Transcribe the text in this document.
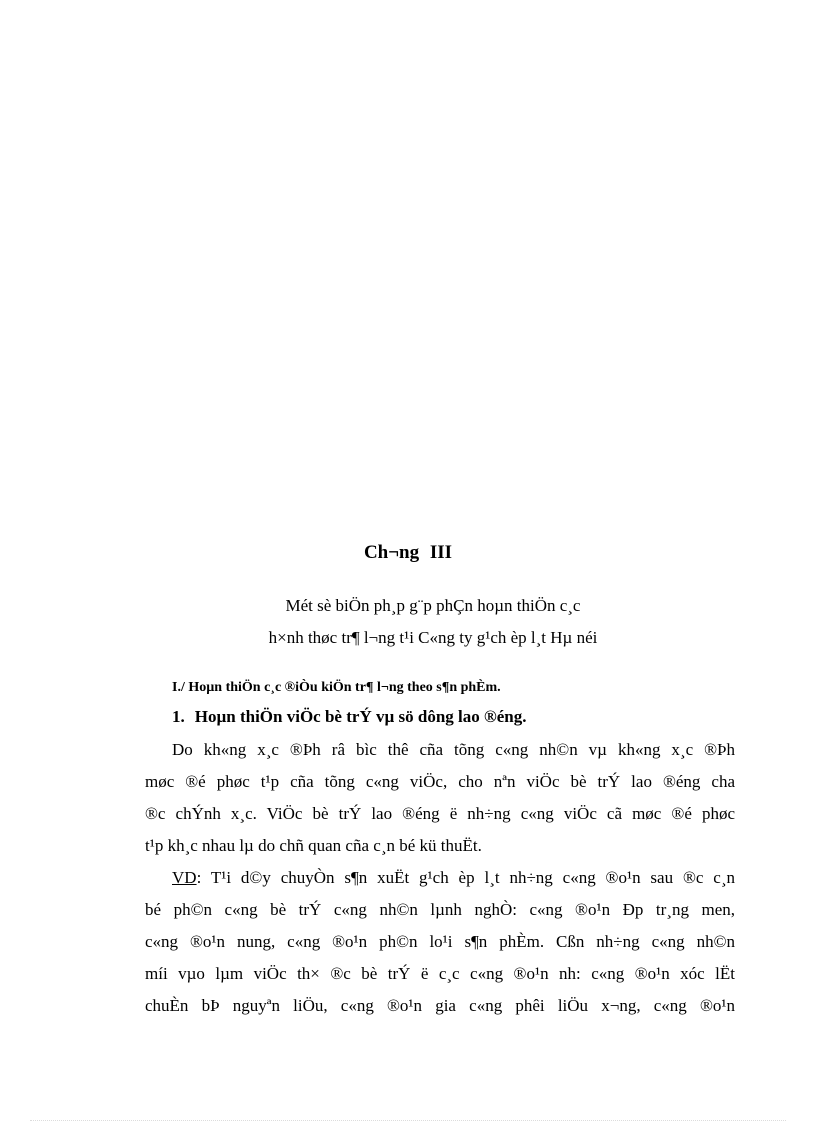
Ch¬ng III
Mét sè biÖn ph¸p g¨p phÇn hoµn thiÖn c¸c
h×nh thøc tr¶ l¬ng t¹i C«ng ty g¹ch èp l¸t Hµ néi
I./ Hoµn thiÖn c¸c ®iÒu kiÖn tr¶ l¬ng theo s¶n phÈm.
1. Hoµn thiÖn viÖc bè trÝ vµ sö dông lao ®éng.
Do kh«ng x¸c ®Þh râ bìc thê cña tõng c«ng nh©n vµ kh«ng x¸c ®Þh
møc ®é phøc t¹p cña tõng c«ng viÖc, cho nªn viÖc bè trÝ lao ®éng cha
®c chÝnh x¸c. ViÖc bè trÝ lao ®éng ë nh÷ng c«ng viÖc cã møc ®é phøc
t¹p kh¸c nhau lµ do chñ quan cña c¸n bé kü thuËt.
VD: T¹i d©y chuyÒn s¶n xuËt g¹ch èp l¸t nh÷ng c«ng ®o¹n sau ®c c¸n
bé ph©n c«ng bè trÝ c«ng nh©n lµnh nghÒ: c«ng ®o¹n Ðp tr¸ng men,
c«ng ®o¹n nung, c«ng ®o¹n ph©n lo¹i s¶n phÈm. Cßn nh÷ng c«ng nh©n
míi vµo lµm viÖc th× ®c bè trÝ ë c¸c c«ng ®o¹n nh: c«ng ®o¹n xóc lËt
chuÈn bÞ nguyªn liÖu, c«ng ®o¹n gia c«ng phêi liÖu x¬ng, c«ng ®o¹n
